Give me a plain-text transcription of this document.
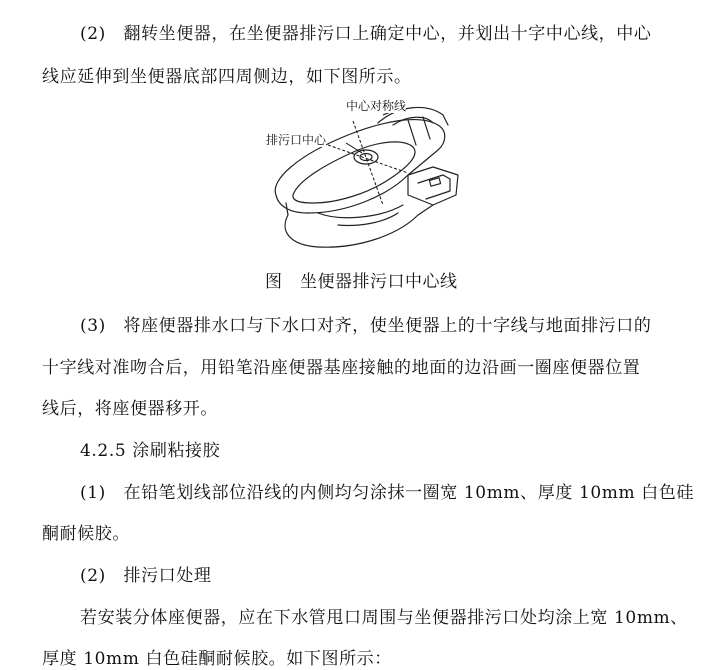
(2)　翻转坐便器，在坐便器排污口上确定中心，并划出十字中心线，中心
线应延伸到坐便器底部四周侧边，如下图所示。
中心对称线
排污口中心
图　坐便器排污口中心线
(3)　将座便器排水口与下水口对齐，使坐便器上的十字线与地面排污口的
十字线对准吻合后，用铅笔沿座便器基座接触的地面的边沿画一圈座便器位置
线后，将座便器移开。
4.2.5 涂刷粘接胶
(1)　在铅笔划线部位沿线的内侧均匀涂抹一圈宽 10mm、厚度 10mm 白色硅
酮耐候胶。
(2)　排污口处理
若安装分体座便器，应在下水管甩口周围与坐便器排污口处均涂上宽 10mm、
厚度 10mm 白色硅酮耐候胶。如下图所示：
